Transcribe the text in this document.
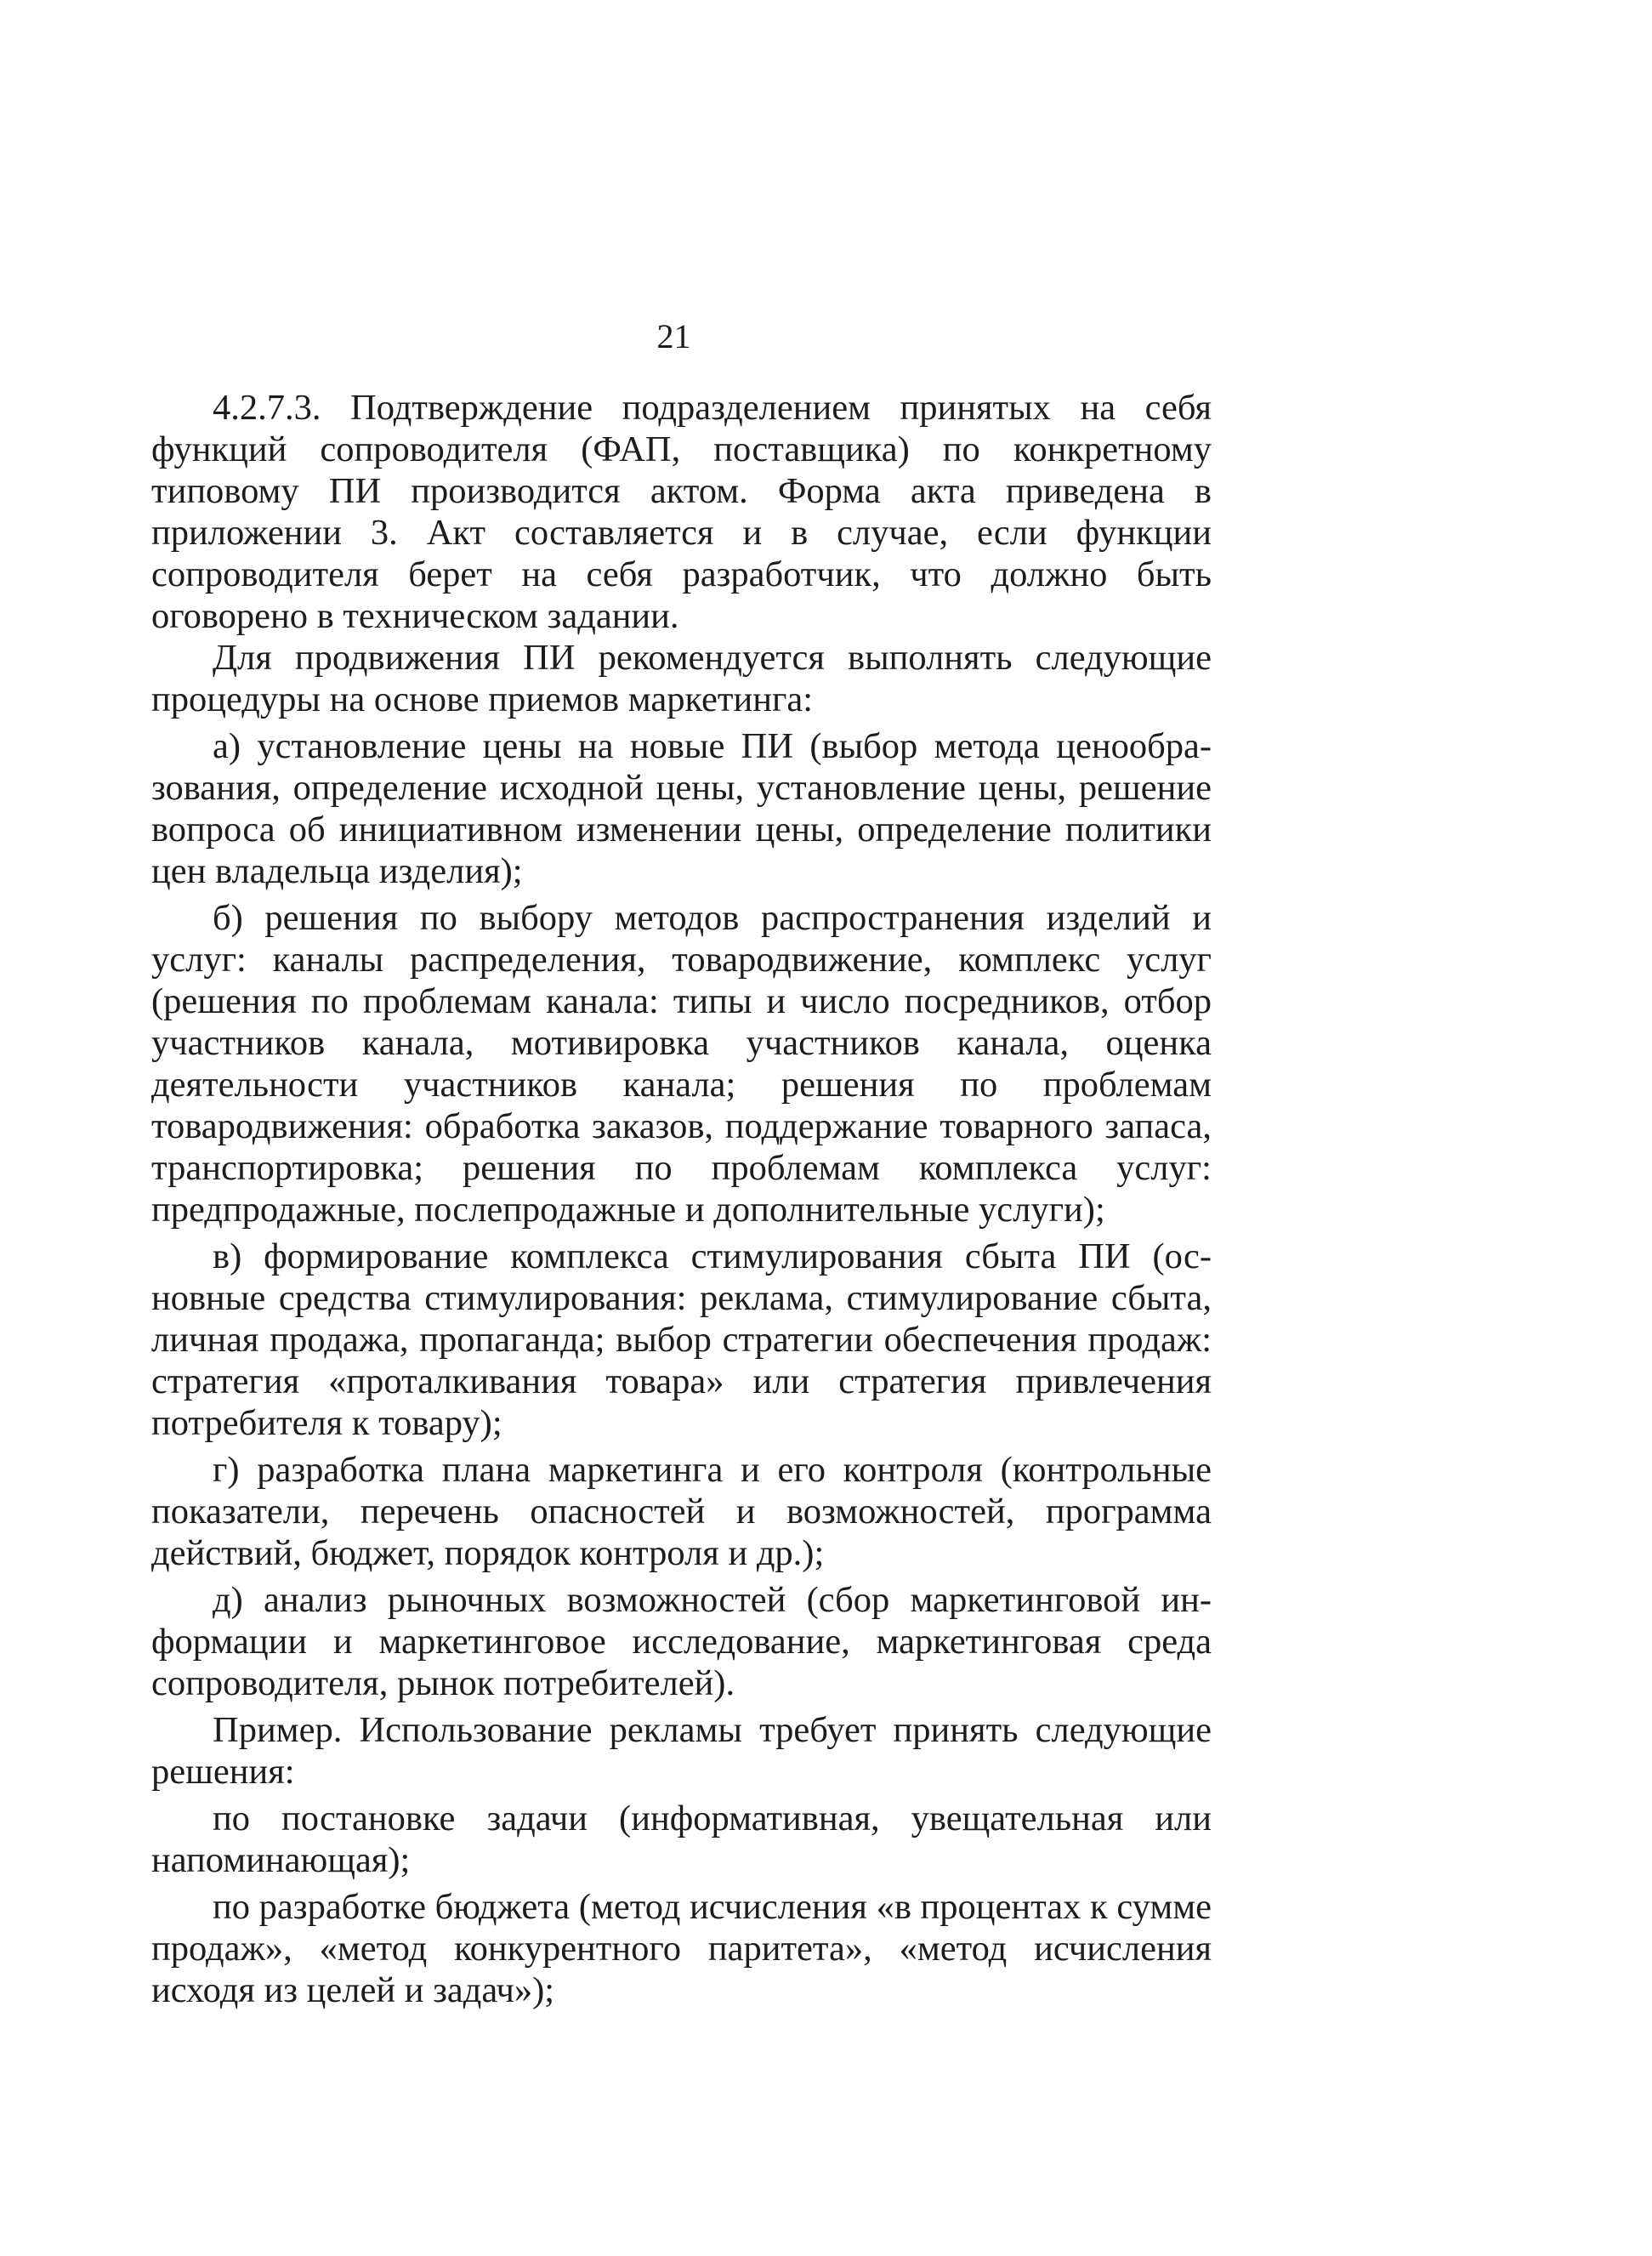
21

4.2.7.3. Подтверждение подразделением принятых на себя функций сопроводителя (ФАП, поставщика) по конкретному типовому ПИ производится актом. Форма акта приведена в приложении 3. Акт составляется и в случае, если функции сопроводителя берет на себя разработчик, что должно быть оговорено в техническом задании.

Для продвижения ПИ рекомендуется выполнять следующие процедуры на основе приемов маркетинга:

а) установление цены на новые ПИ (выбор метода ценообразования, определение исходной цены, установление цены, решение вопроса об инициативном изменении цены, определение политики цен владельца изделия);

б) решения по выбору методов распространения изделий и услуг: каналы распределения, товародвижение, комплекс услуг (решения по проблемам канала: типы и число посредников, отбор участников канала, мотивировка участников канала, оценка деятельности участников канала; решения по проблемам товародвижения: обработка заказов, поддержание товарного запаса, транспортировка; решения по проблемам комплекса услуг: предпродажные, послепродажные и дополнительные услуги);

в) формирование комплекса стимулирования сбыта ПИ (основные средства стимулирования: реклама, стимулирование сбыта, личная продажа, пропаганда; выбор стратегии обеспечения продаж: стратегия «проталкивания товара» или стратегия привлечения потребителя к товару);

г) разработка плана маркетинга и его контроля (контрольные показатели, перечень опасностей и возможностей, программа действий, бюджет, порядок контроля и др.);

д) анализ рыночных возможностей (сбор маркетинговой информации и маркетинговое исследование, маркетинговая среда сопроводителя, рынок потребителей).

Пример. Использование рекламы требует принять следующие решения:

по постановке задачи (информативная, увещательная или напоминающая);

по разработке бюджета (метод исчисления «в процентах к сумме продаж», «метод конкурентного паритета», «метод исчисления исходя из целей и задач»);
